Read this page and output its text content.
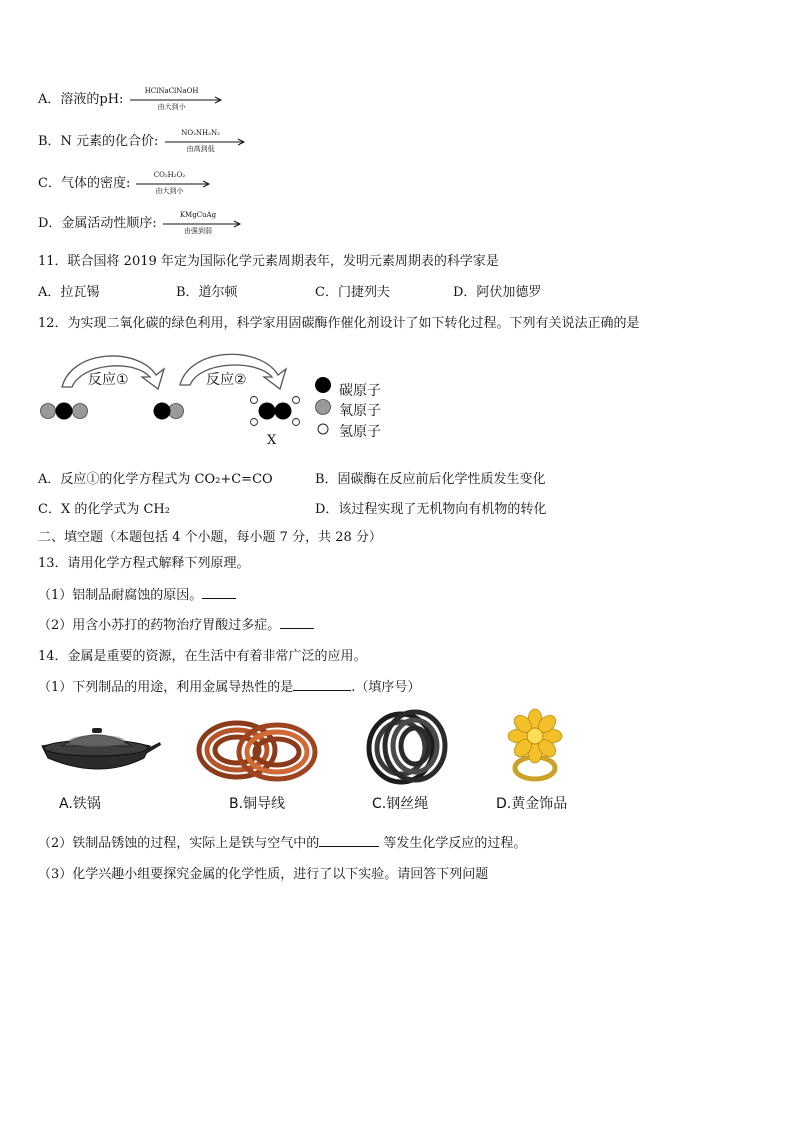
A．溶液的pH:
HClNaClNaOH
由大到小
B．N 元素的化合价:
NO₂NH₃N₂
由高到低
C．气体的密度:
CO₂H₂O₂
由大到小
D．金属活动性顺序:
KMgCuAg
由强到弱
11．联合国将 2019 年定为国际化学元素周期表年，发明元素周期表的科学家是
A．拉瓦锡	B．道尔顿	C．门捷列夫	D．阿伏加德罗
12．为实现二氧化碳的绿色利用，科学家用固碳酶作催化剂设计了如下转化过程。下列有关说法正确的是
反应①	反应②
X
碳原子
氧原子
氢原子
A．反应①的化学方程式为 CO₂+C=CO	B．固碳酶在反应前后化学性质发生变化
C．X 的化学式为 CH₂	D．该过程实现了无机物向有机物的转化
二、填空题（本题包括 4 个小题，每小题 7 分，共 28 分）
13．请用化学方程式解释下列原理。
（1）铝制品耐腐蚀的原因。
（2）用含小苏打的药物治疗胃酸过多症。
14．金属是重要的资源，在生活中有着非常广泛的应用。
（1）下列制品的用途，利用金属导热性的是	.（填序号）
A.铁锅	B.铜导线	C.钢丝绳	D.黄金饰品
（2）铁制品锈蚀的过程，实际上是铁与空气中的	等发生化学反应的过程。
（3）化学兴趣小组要探究金属的化学性质，进行了以下实验。请回答下列问题
